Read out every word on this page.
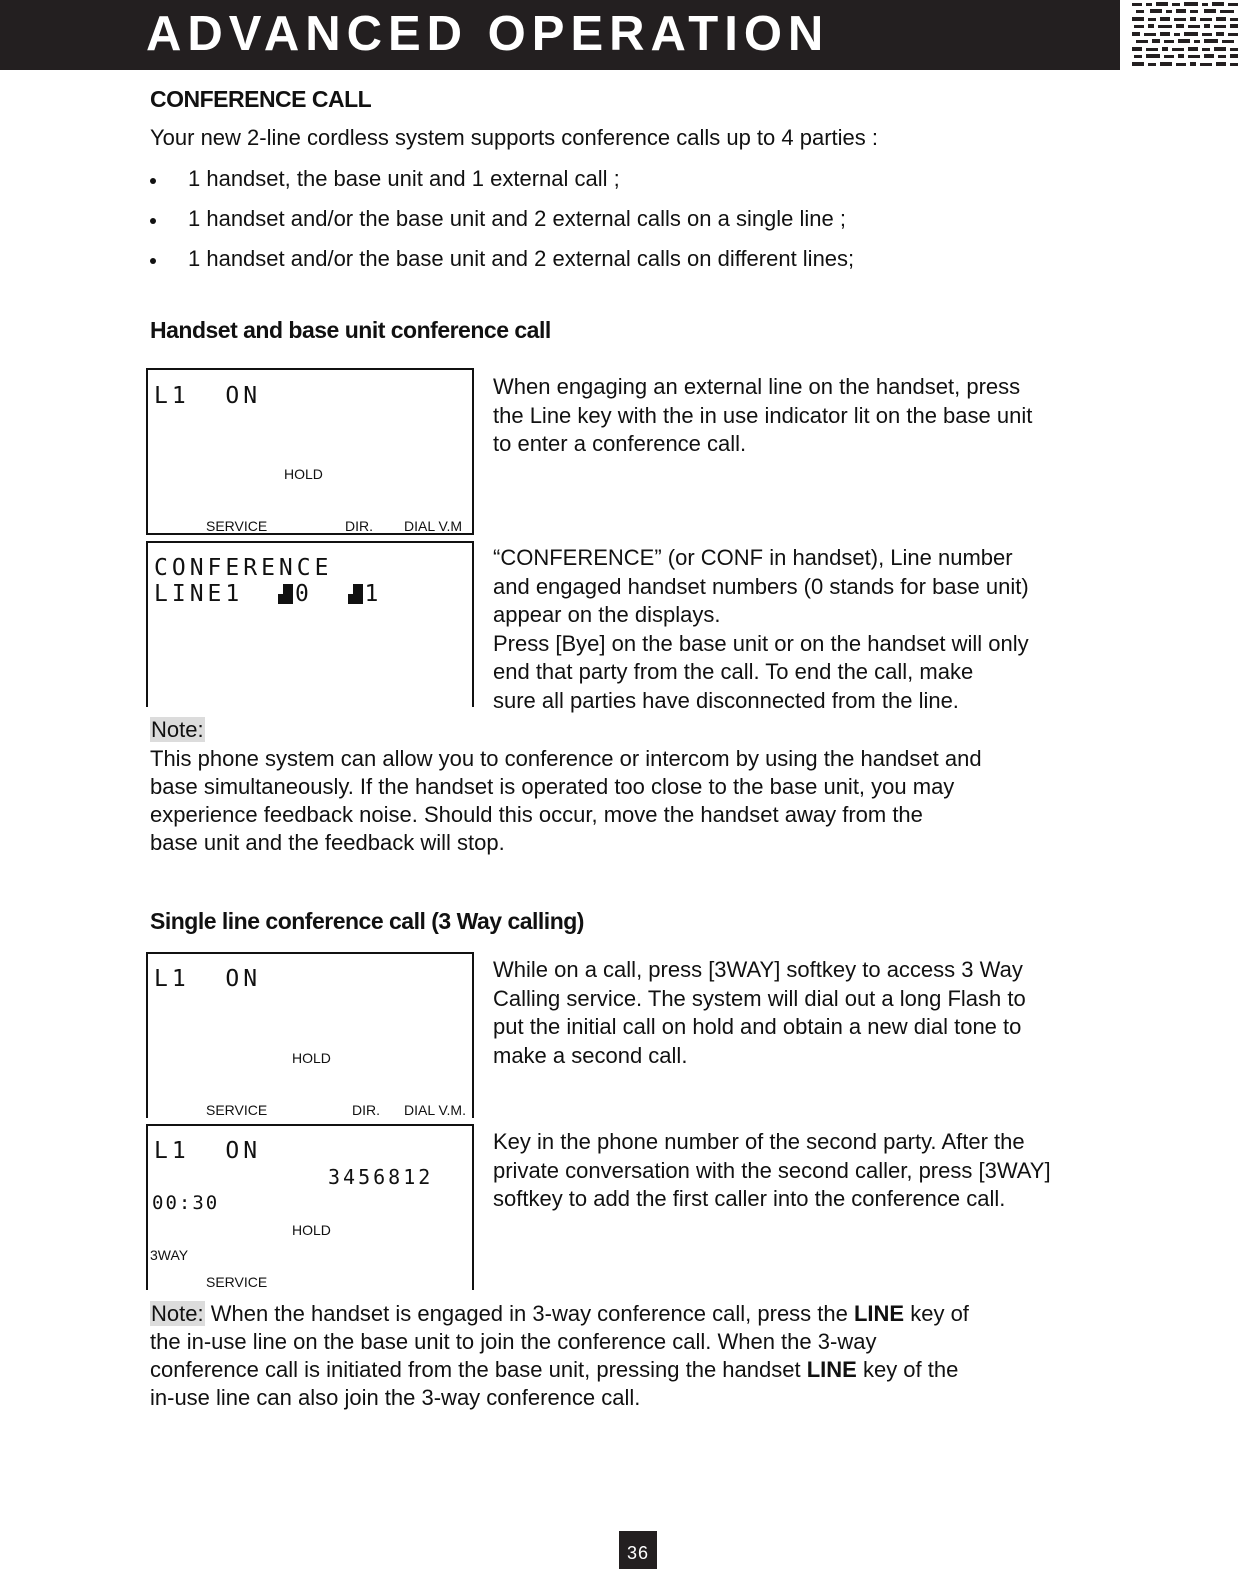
ADVANCED OPERATION
CONFERENCE CALL

Your new 2-line cordless system supports conference calls up to 4 parties :

1 handset, the base unit and 1 external call ;
1 handset and/or the base unit and 2 external calls on a single line ;
1 handset and/or the base unit and 2 external calls on different lines;
Handset and base unit conference call
L1  ON
HOLD
SERVICE	DIR. DIAL V.M

When engaging an external line on the handset, press
the Line key with the in use indicator lit on the base unit
to enter a conference call.

CONFERENCE
LINE1 0 1

“CONFERENCE” (or CONF in handset), Line number
and engaged handset numbers (0 stands for base unit)
appear on the displays.
Press [Bye] on the base unit or on the handset will only
end that party from the call. To end the call, make
sure all parties have disconnected from the line.

Note:

This phone system can allow you to conference or intercom by using the handset and
base simultaneously. If the handset is operated too close to the base unit, you may
experience feedback noise. Should this occur, move the handset away from the
base unit and the feedback will stop.

Single line conference call (3 Way calling)
L1  ON
HOLD
SERVICE	DIR. DIAL V.M.

While on a call, press [3WAY] softkey to access 3 Way
Calling service. The system will dial out a long Flash to
put the initial call on hold and obtain a new dial tone to
make a second call.

L1  ON
3456812
00:30
HOLD
3WAY
SERVICE

Key in the phone number of the second party. After the
private conversation with the second caller, press [3WAY]
softkey to add the first caller into the conference call.

Note: When the handset is engaged in 3-way conference call, press the LINE key of
the in-use line on the base unit to join the conference call. When the 3-way
conference call is initiated from the base unit, pressing the handset LINE key of the
in-use line can also join the 3-way conference call.

36
